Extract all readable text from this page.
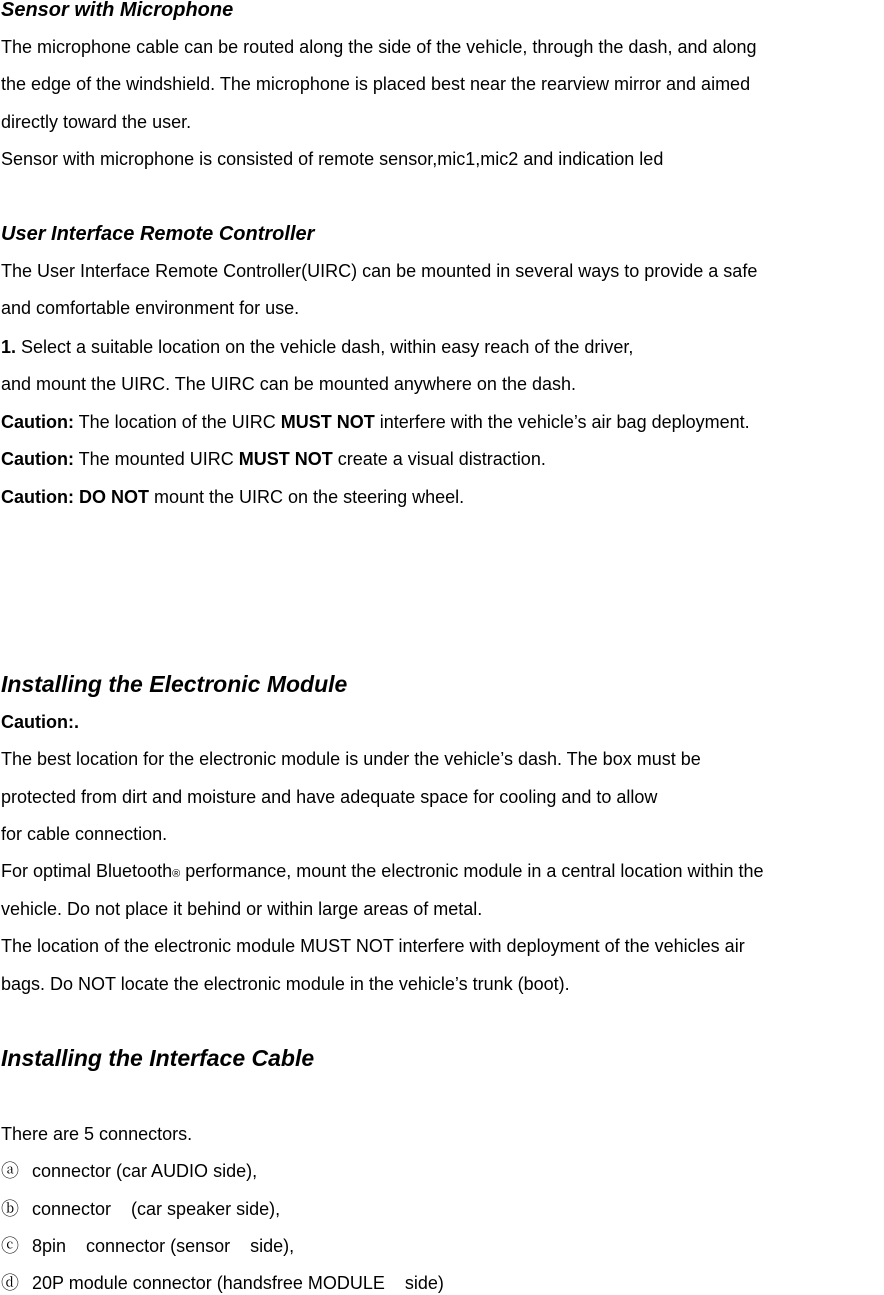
Sensor with Microphone
The microphone cable can be routed along the side of the vehicle, through the dash, and along
the edge of the windshield. The microphone is placed best near the rearview mirror and aimed
directly toward the user.
Sensor with microphone is consisted of remote sensor,mic1,mic2 and indication led
User Interface Remote Controller
The User Interface Remote Controller(UIRC) can be mounted in several ways to provide a safe
and comfortable environment for use.
1. Select a suitable location on the vehicle dash, within easy reach of the driver,
and mount the UIRC. The UIRC can be mounted anywhere on the dash.
Caution: The location of the UIRC MUST NOT interfere with the vehicle’s air bag deployment.
Caution: The mounted UIRC MUST NOT create a visual distraction.
Caution: DO NOT mount the UIRC on the steering wheel.
Installing the Electronic Module
Caution:.
The best location for the electronic module is under the vehicle’s dash. The box must be
protected from dirt and moisture and have adequate space for cooling and to allow
for cable connection.
For optimal Bluetooth® performance, mount the electronic module in a central location within the
vehicle. Do not place it behind or within large areas of metal.
The location of the electronic module MUST NOT interfere with deployment of the vehicles air
bags. Do NOT locate the electronic module in the vehicle’s trunk (boot).
Installing the Interface Cable
There are 5 connectors.
ⓐ connector (car AUDIO side),
ⓑ connector    (car speaker side),
ⓒ 8pin    connector (sensor    side),
ⓓ 20P module connector (handsfree MODULE    side)
